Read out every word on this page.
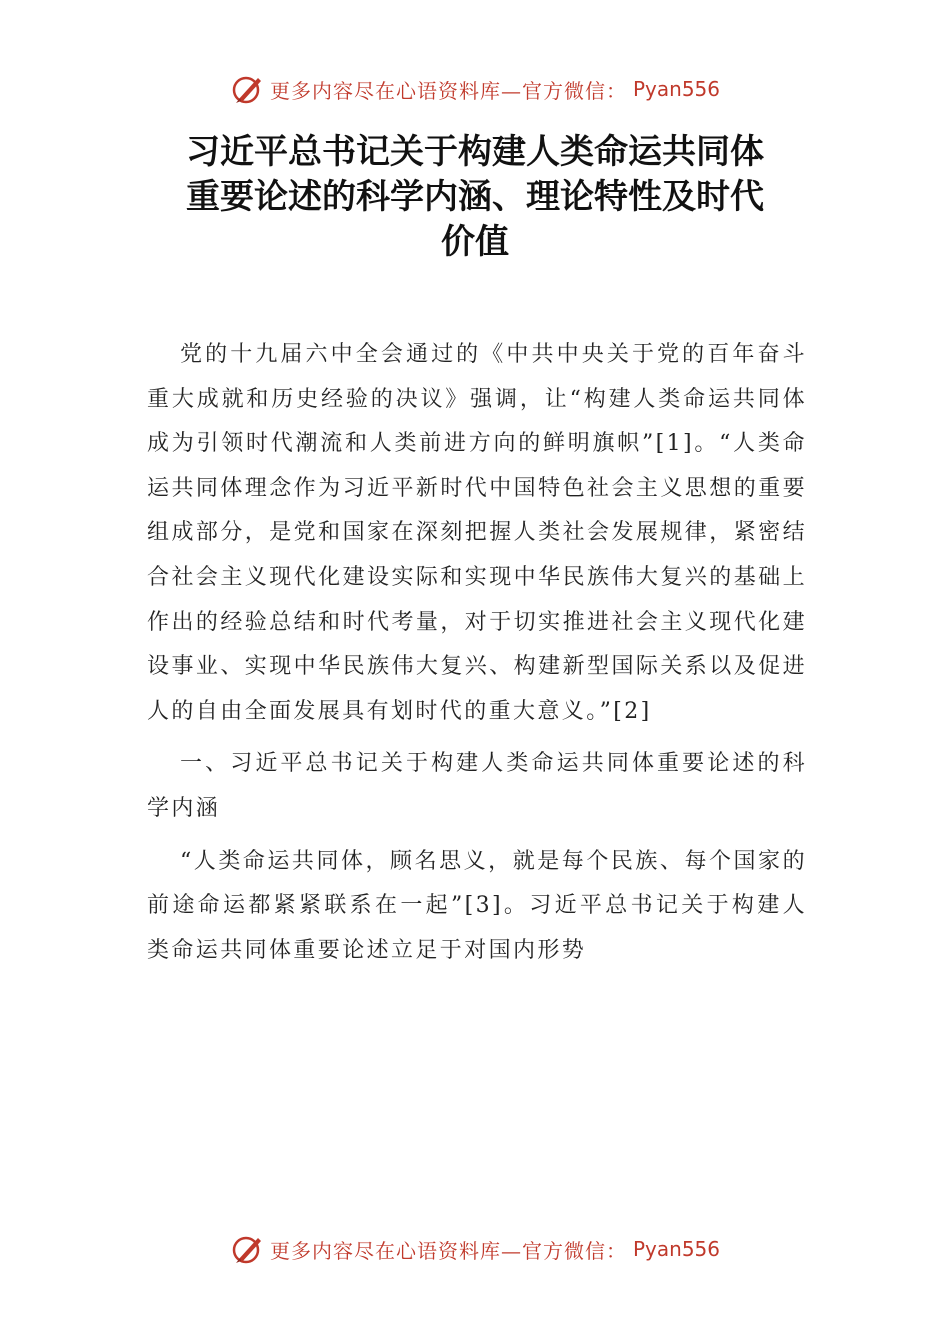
更多内容尽在心语资料库—官方微信： Pyan556
习近平总书记关于构建人类命运共同体
重要论述的科学内涵、理论特性及时代
价值

党的十九届六中全会通过的《中共中央关于党的百年奋斗重大成就和历史经验的决议》强调，让“构建人类命运共同体成为引领时代潮流和人类前进方向的鲜明旗帜”[1]。“人类命运共同体理念作为习近平新时代中国特色社会主义思想的重要组成部分，是党和国家在深刻把握人类社会发展规律，紧密结合社会主义现代化建设实际和实现中华民族伟大复兴的基础上作出的经验总结和时代考量，对于切实推进社会主义现代化建设事业、实现中华民族伟大复兴、构建新型国际关系以及促进人的自由全面发展具有划时代的重大意义。”[2]

一、习近平总书记关于构建人类命运共同体重要论述的科学内涵

“人类命运共同体，顾名思义，就是每个民族、每个国家的前途命运都紧紧联系在一起”[3]。习近平总书记关于构建人类命运共同体重要论述立足于对国内形势

更多内容尽在心语资料库—官方微信： Pyan556
